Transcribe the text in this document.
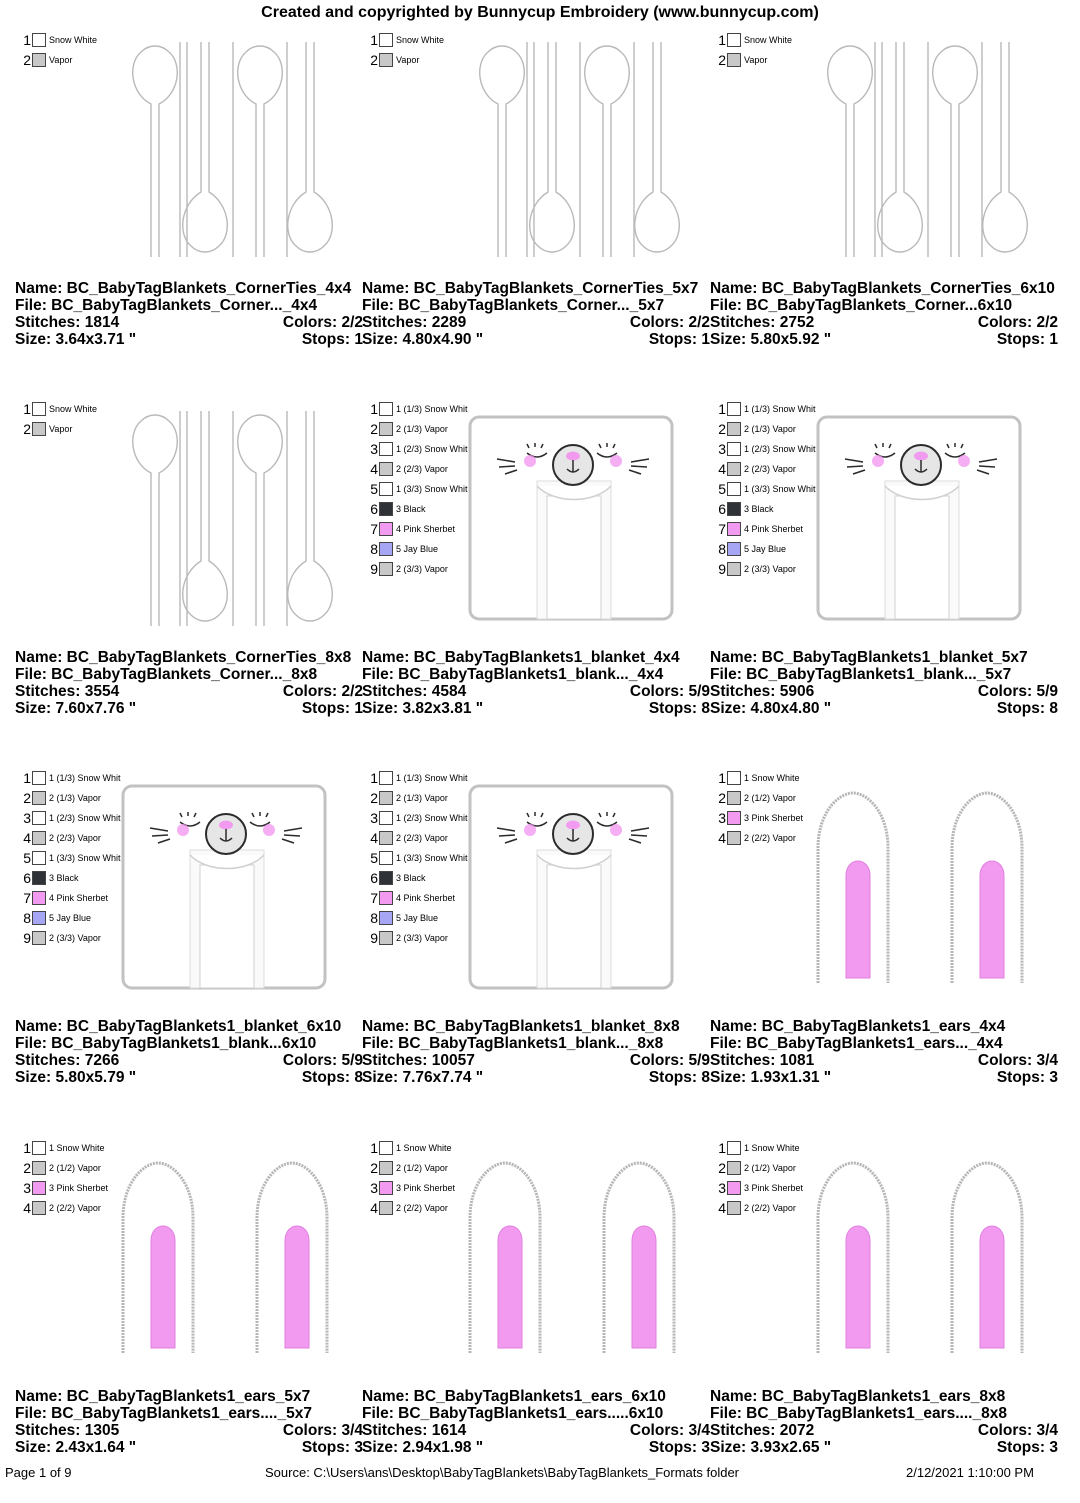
Created and copyrighted by Bunnycup Embroidery (www.bunnycup.com)
1 Snow White
2 Vapor
Name: BC_BabyTagBlankets_CornerTies_4x4
File: BC_BabyTagBlankets_Corner..._4x4
Stitches: 1814	Colors: 2/2
Size: 3.64x3.71 "	Stops: 1
1 Snow White
2 Vapor
Name: BC_BabyTagBlankets_CornerTies_5x7
File: BC_BabyTagBlankets_Corner..._5x7
Stitches: 2289	Colors: 2/2
Size: 4.80x4.90 "	Stops: 1
1 Snow White
2 Vapor
Name: BC_BabyTagBlankets_CornerTies_6x10
File: BC_BabyTagBlankets_Corner...6x10
Stitches: 2752	Colors: 2/2
Size: 5.80x5.92 "	Stops: 1
1 Snow White
2 Vapor
Name: BC_BabyTagBlankets_CornerTies_8x8
File: BC_BabyTagBlankets_Corner..._8x8
Stitches: 3554	Colors: 2/2
Size: 7.60x7.76 "	Stops: 1
1 1 (1/3) Snow Whit
2 2 (1/3) Vapor
3 1 (2/3) Snow Whit
4 2 (2/3) Vapor
5 1 (3/3) Snow Whit
6 3 Black
7 4 Pink Sherbet
8 5 Jay Blue
9 2 (3/3) Vapor
Name: BC_BabyTagBlankets1_blanket_4x4
File: BC_BabyTagBlankets1_blank..._4x4
Stitches: 4584	Colors: 5/9
Size: 3.82x3.81 "	Stops: 8
1 1 (1/3) Snow Whit
2 2 (1/3) Vapor
3 1 (2/3) Snow Whit
4 2 (2/3) Vapor
5 1 (3/3) Snow Whit
6 3 Black
7 4 Pink Sherbet
8 5 Jay Blue
9 2 (3/3) Vapor
Name: BC_BabyTagBlankets1_blanket_5x7
File: BC_BabyTagBlankets1_blank..._5x7
Stitches: 5906	Colors: 5/9
Size: 4.80x4.80 "	Stops: 8
1 1 (1/3) Snow Whit
2 2 (1/3) Vapor
3 1 (2/3) Snow Whit
4 2 (2/3) Vapor
5 1 (3/3) Snow Whit
6 3 Black
7 4 Pink Sherbet
8 5 Jay Blue
9 2 (3/3) Vapor
Name: BC_BabyTagBlankets1_blanket_6x10
File: BC_BabyTagBlankets1_blank...6x10
Stitches: 7266	Colors: 5/9
Size: 5.80x5.79 "	Stops: 8
1 1 (1/3) Snow Whit
2 2 (1/3) Vapor
3 1 (2/3) Snow Whit
4 2 (2/3) Vapor
5 1 (3/3) Snow Whit
6 3 Black
7 4 Pink Sherbet
8 5 Jay Blue
9 2 (3/3) Vapor
Name: BC_BabyTagBlankets1_blanket_8x8
File: BC_BabyTagBlankets1_blank..._8x8
Stitches: 10057	Colors: 5/9
Size: 7.76x7.74 "	Stops: 8
1 1 Snow White
2 2 (1/2) Vapor
3 3 Pink Sherbet
4 2 (2/2) Vapor
Name: BC_BabyTagBlankets1_ears_4x4
File: BC_BabyTagBlankets1_ears..._4x4
Stitches: 1081	Colors: 3/4
Size: 1.93x1.31 "	Stops: 3
1 1 Snow White
2 2 (1/2) Vapor
3 3 Pink Sherbet
4 2 (2/2) Vapor
Name: BC_BabyTagBlankets1_ears_5x7
File: BC_BabyTagBlankets1_ears...._5x7
Stitches: 1305	Colors: 3/4
Size: 2.43x1.64 "	Stops: 3
1 1 Snow White
2 2 (1/2) Vapor
3 3 Pink Sherbet
4 2 (2/2) Vapor
Name: BC_BabyTagBlankets1_ears_6x10
File: BC_BabyTagBlankets1_ears.....6x10
Stitches: 1614	Colors: 3/4
Size: 2.94x1.98 "	Stops: 3
1 1 Snow White
2 2 (1/2) Vapor
3 3 Pink Sherbet
4 2 (2/2) Vapor
Name: BC_BabyTagBlankets1_ears_8x8
File: BC_BabyTagBlankets1_ears...._8x8
Stitches: 2072	Colors: 3/4
Size: 3.93x2.65 "	Stops: 3
Page 1 of 9	Source: C:\Users\ans\Desktop\BabyTagBlankets\BabyTagBlankets_Formats folder	2/12/2021 1:10:00 PM
